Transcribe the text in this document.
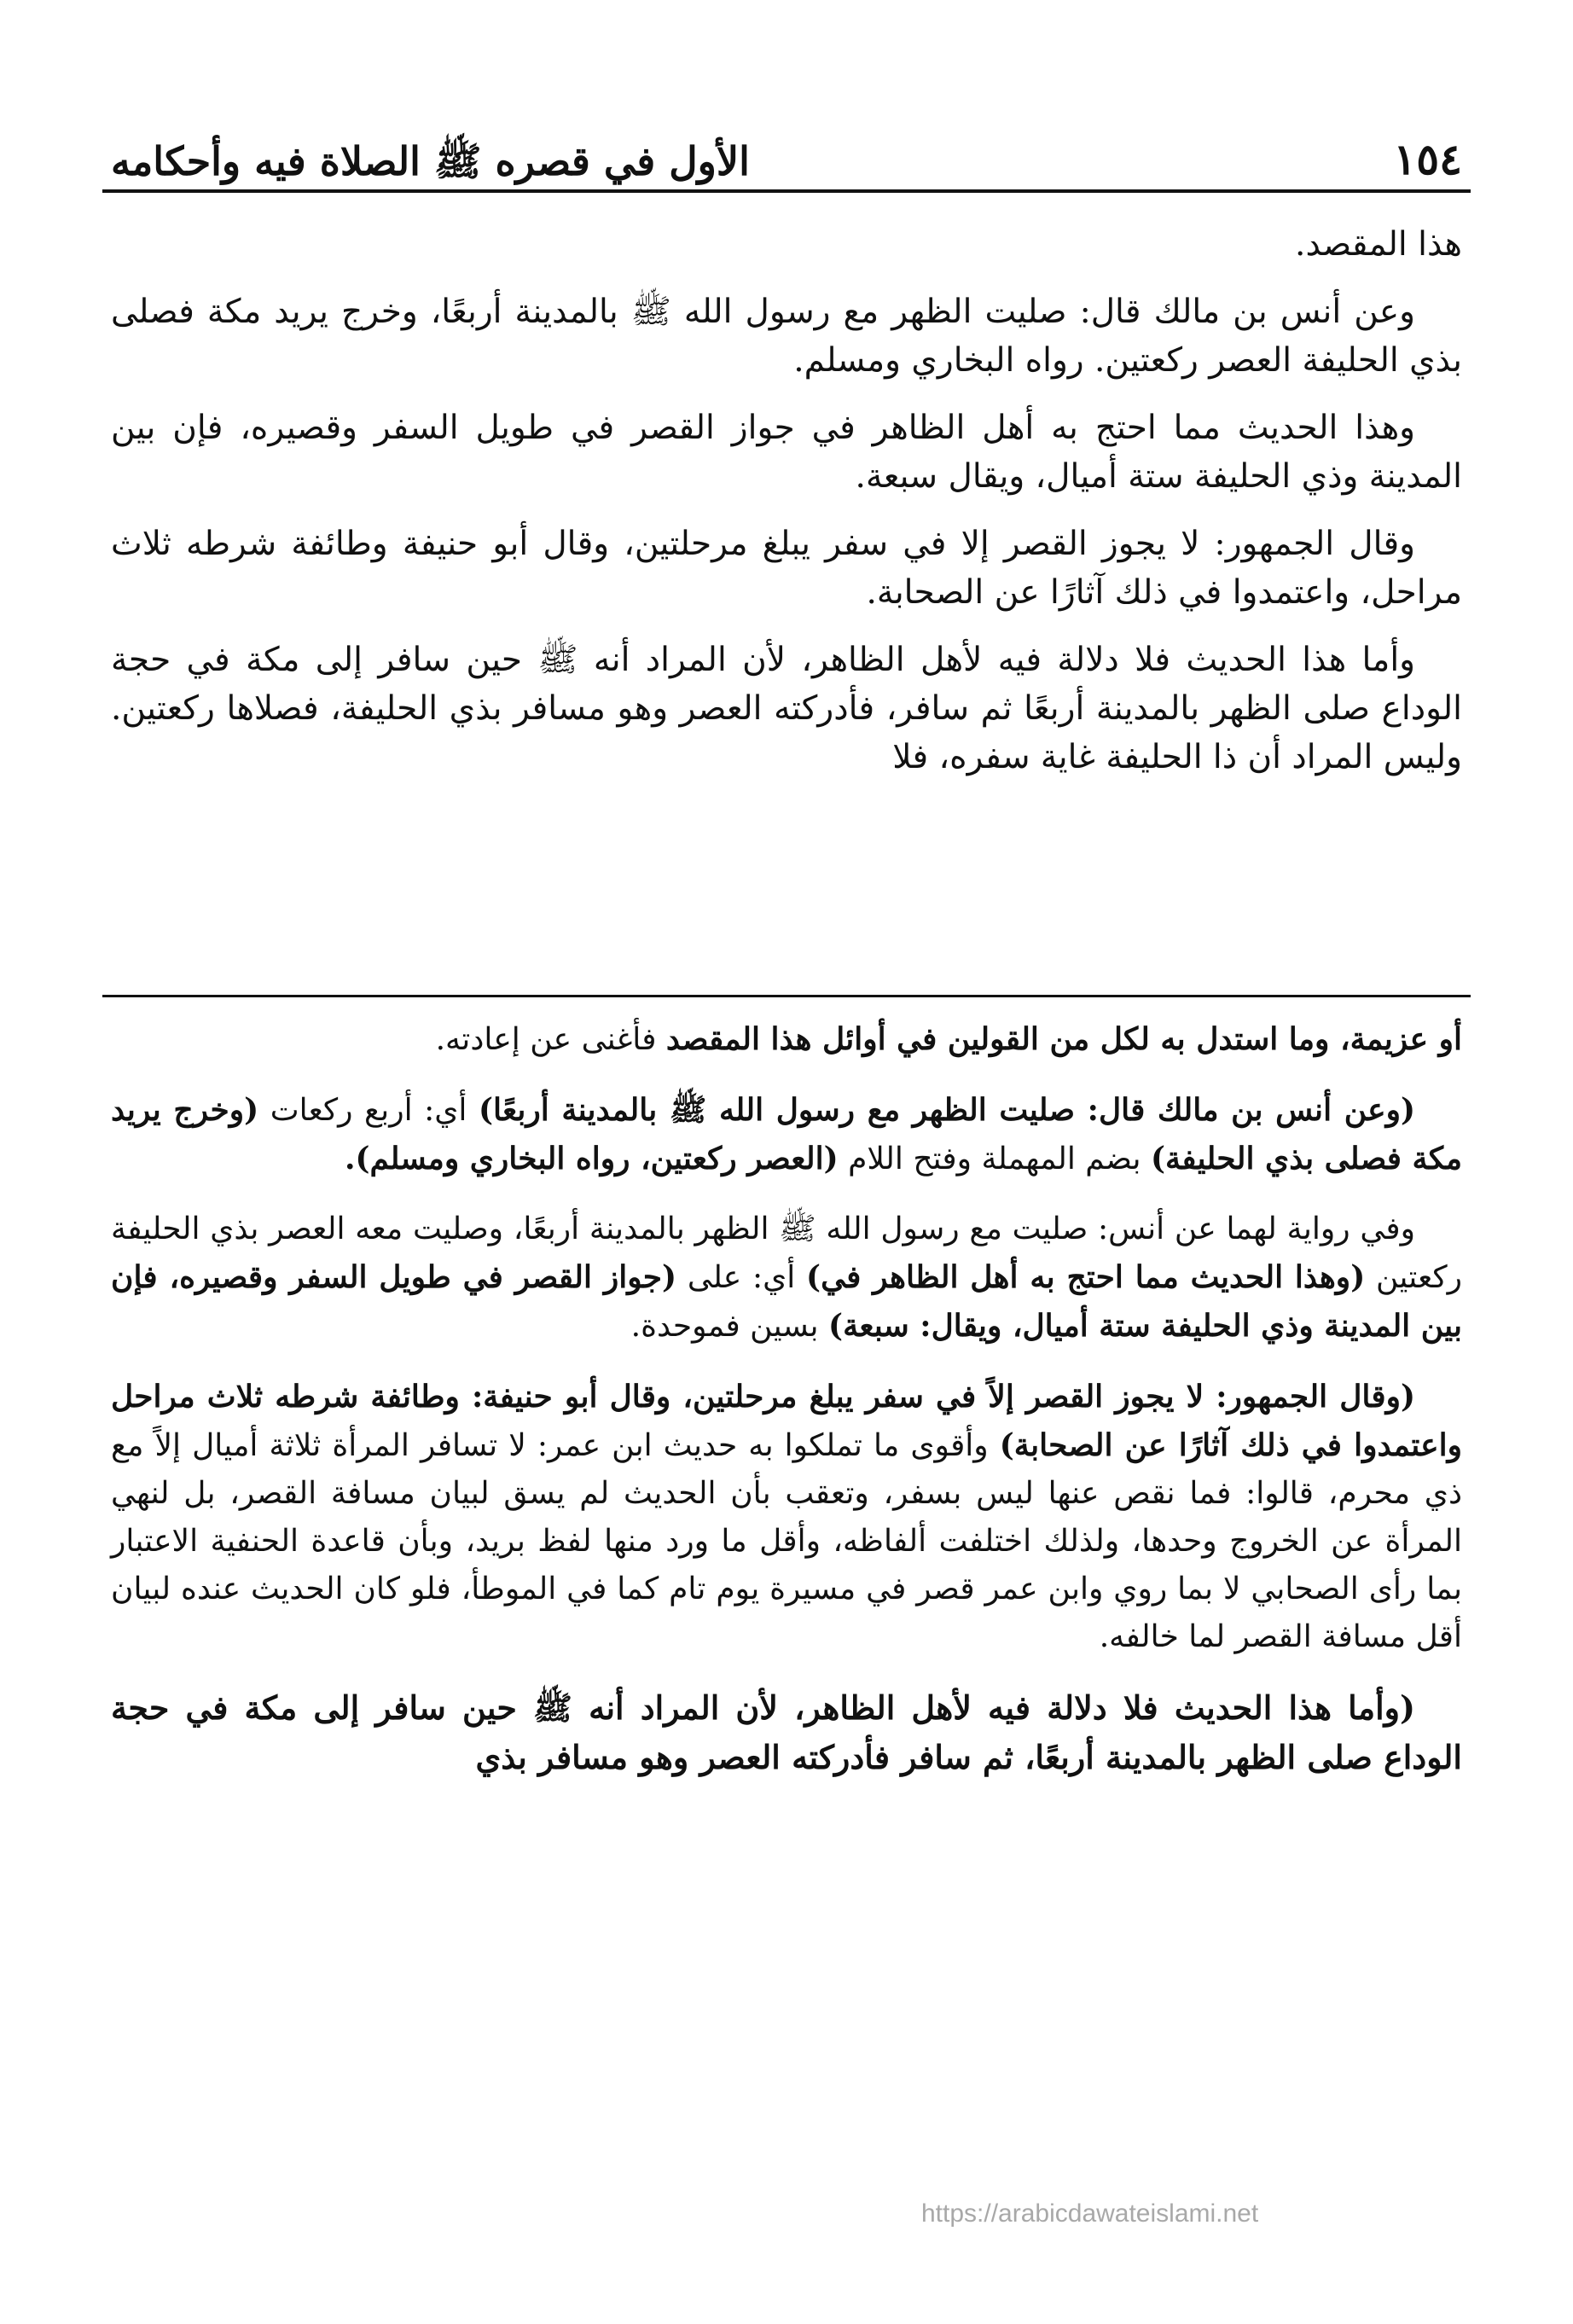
١٥٤
الأول في قصره ﷺ الصلاة فيه وأحكامه

هذا المقصد.

وعن أنس بن مالك قال: صليت الظهر مع رسول الله ﷺ بالمدينة أربعًا، وخرج يريد مكة فصلى بذي الحليفة العصر ركعتين. رواه البخاري ومسلم.

وهذا الحديث مما احتج به أهل الظاهر في جواز القصر في طويل السفر وقصيره، فإن بين المدينة وذي الحليفة ستة أميال، ويقال سبعة.

وقال الجمهور: لا يجوز القصر إلا في سفر يبلغ مرحلتين، وقال أبو حنيفة وطائفة شرطه ثلاث مراحل، واعتمدوا في ذلك آثارًا عن الصحابة.

وأما هذا الحديث فلا دلالة فيه لأهل الظاهر، لأن المراد أنه ﷺ حين سافر إلى مكة في حجة الوداع صلى الظهر بالمدينة أربعًا ثم سافر، فأدركته العصر وهو مسافر بذي الحليفة، فصلاها ركعتين. وليس المراد أن ذا الحليفة غاية سفره، فلا

أو عزيمة، وما استدل به لكل من القولين في أوائل هذا المقصد فأغنى عن إعادته.

(وعن أنس بن مالك قال: صليت الظهر مع رسول الله ﷺ بالمدينة أربعًا) أي: أربع ركعات (وخرج يريد مكة فصلى بذي الحليفة) بضم المهملة وفتح اللام (العصر ركعتين، رواه البخاري ومسلم).

وفي رواية لهما عن أنس: صليت مع رسول الله ﷺ الظهر بالمدينة أربعًا، وصليت معه العصر بذي الحليفة ركعتين (وهذا الحديث مما احتج به أهل الظاهر في) أي: على (جواز القصر في طويل السفر وقصيره، فإن بين المدينة وذي الحليفة ستة أميال، ويقال: سبعة) بسين فموحدة.

(وقال الجمهور: لا يجوز القصر إلاً في سفر يبلغ مرحلتين، وقال أبو حنيفة: وطائفة شرطه ثلاث مراحل واعتمدوا في ذلك آثارًا عن الصحابة) وأقوى ما تملكوا به حديث ابن عمر: لا تسافر المرأة ثلاثة أميال إلاً مع ذي محرم، قالوا: فما نقص عنها ليس بسفر، وتعقب بأن الحديث لم يسق لبيان مسافة القصر، بل لنهي المرأة عن الخروج وحدها، ولذلك اختلفت ألفاظه، وأقل ما ورد منها لفظ بريد، وبأن قاعدة الحنفية الاعتبار بما رأى الصحابي لا بما روي وابن عمر قصر في مسيرة يوم تام كما في الموطأ، فلو كان الحديث عنده لبيان أقل مسافة القصر لما خالفه.

(وأما هذا الحديث فلا دلالة فيه لأهل الظاهر، لأن المراد أنه ﷺ حين سافر إلى مكة في حجة الوداع صلى الظهر بالمدينة أربعًا، ثم سافر فأدركته العصر وهو مسافر بذي

https://arabicdawateislami.net
